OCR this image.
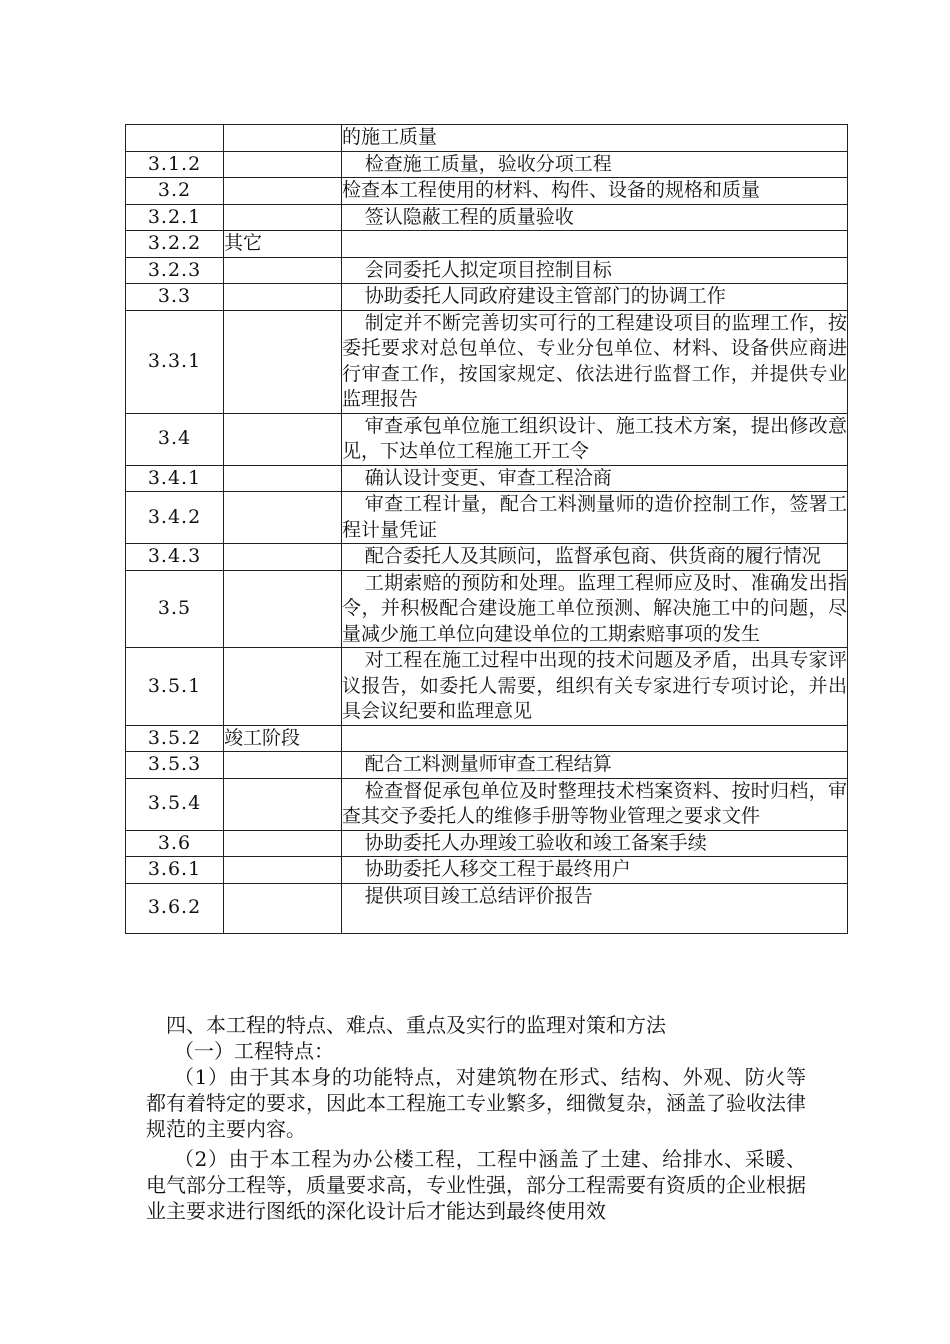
		的施工质量
3.1.2		检查施工质量，验收分项工程
3.2		检查本工程使用的材料、构件、设备的规格和质量
3.2.1		签认隐蔽工程的质量验收
3.2.2	其它	
3.2.3		会同委托人拟定项目控制目标
3.3		协助委托人同政府建设主管部门的协调工作
3.3.1		制定并不断完善切实可行的工程建设项目的监理工作，按委托要求对总包单位、专业分包单位、材料、设备供应商进行审查工作，按国家规定、依法进行监督工作，并提供专业监理报告
3.4		审查承包单位施工组织设计、施工技术方案，提出修改意见，下达单位工程施工开工令
3.4.1		确认设计变更、审查工程洽商
3.4.2		审查工程计量，配合工料测量师的造价控制工作，签署工程计量凭证
3.4.3		配合委托人及其顾问，监督承包商、供货商的履行情况
3.5		工期索赔的预防和处理。监理工程师应及时、准确发出指令，并积极配合建设施工单位预测、解决施工中的问题，尽量减少施工单位向建设单位的工期索赔事项的发生
3.5.1		对工程在施工过程中出现的技术问题及矛盾，出具专家评议报告，如委托人需要，组织有关专家进行专项讨论，并出具会议纪要和监理意见
3.5.2	竣工阶段	
3.5.3		配合工料测量师审查工程结算
3.5.4		检查督促承包单位及时整理技术档案资料、按时归档，审查其交予委托人的维修手册等物业管理之要求文件
3.6		协助委托人办理竣工验收和竣工备案手续
3.6.1		协助委托人移交工程于最终用户
3.6.2		提供项目竣工总结评价报告

四、本工程的特点、难点、重点及实行的监理对策和方法

（一）工程特点：

（1）由于其本身的功能特点，对建筑物在形式、结构、外观、防火等都有着特定的要求，因此本工程施工专业繁多，细微复杂，涵盖了验收法律规范的主要内容。

（2）由于本工程为办公楼工程，工程中涵盖了土建、给排水、采暖、电气部分工程等，质量要求高，专业性强，部分工程需要有资质的企业根据业主要求进行图纸的深化设计后才能达到最终使用效
